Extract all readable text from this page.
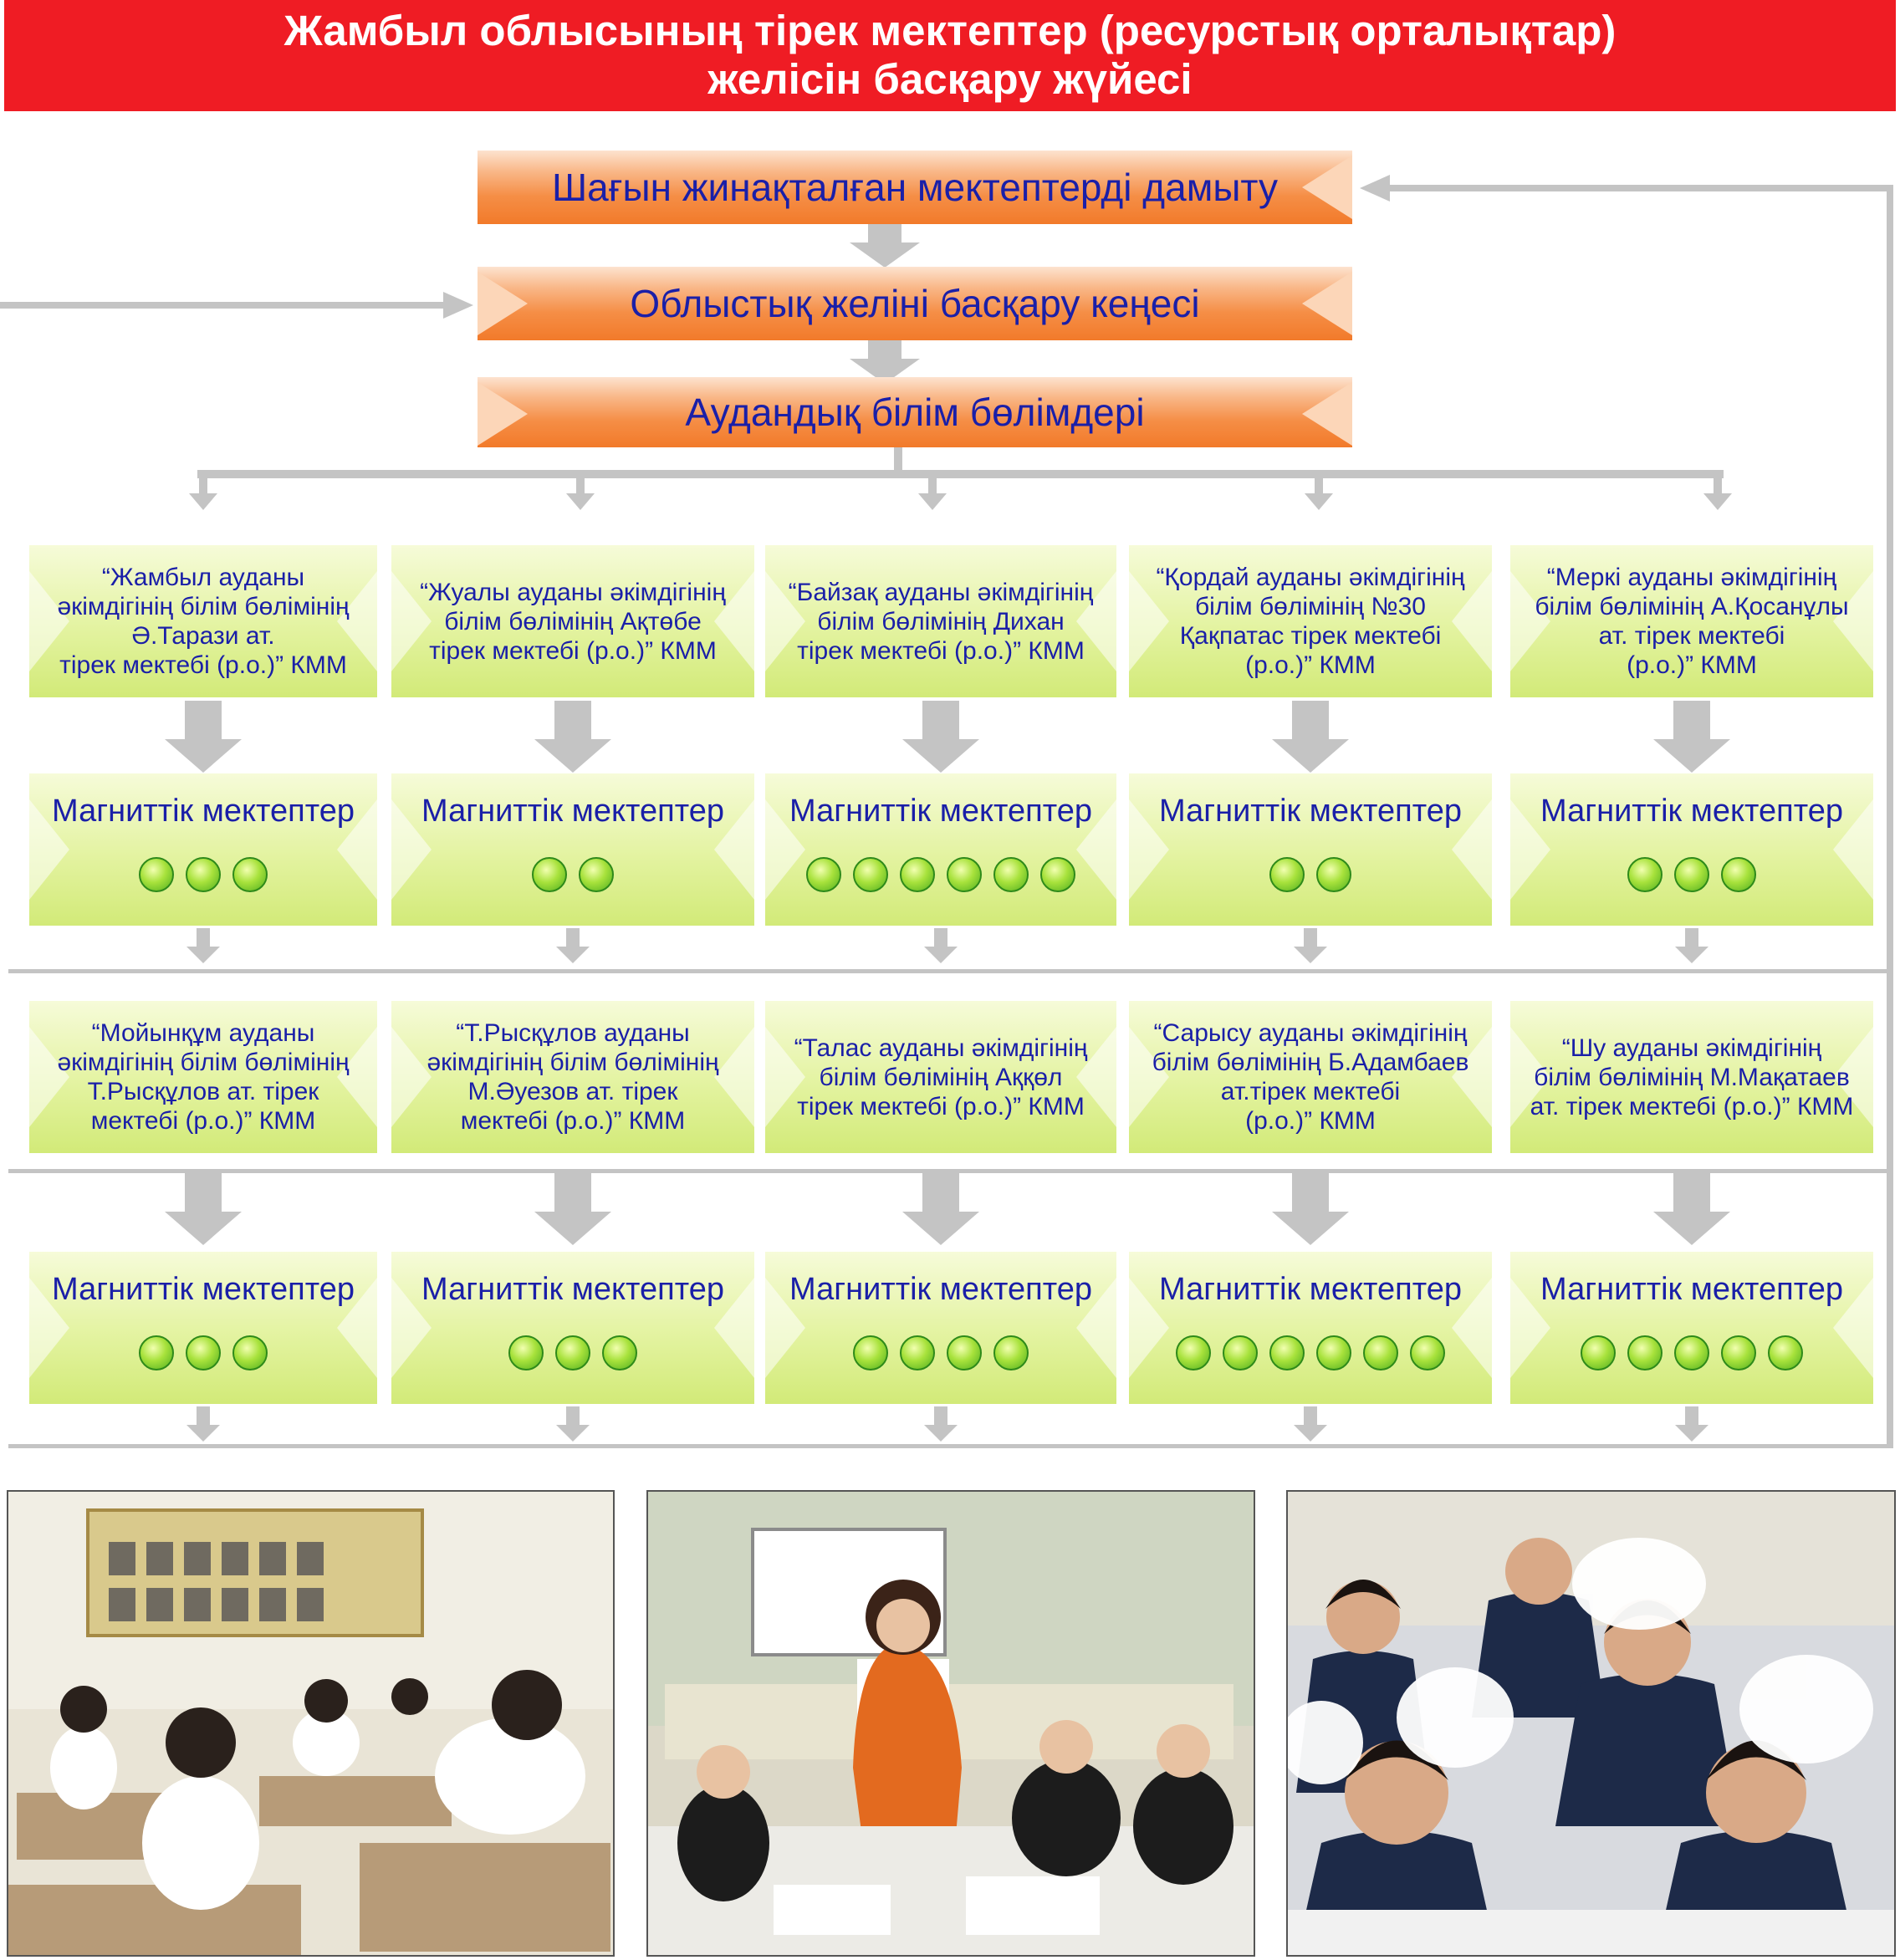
Жамбыл облысының тірек мектептер (ресурстық орталықтар)
желісін басқару жүйесі
Шағын жинақталған мектептерді дамыту
Облыстық желіні басқару кеңесі
Аудандық білім бөлімдері
“Жамбыл ауданы
әкімдігінің білім бөлімінің
Ә.Тарази ат.
тірек мектебі (р.о.)” КММ
Магниттік мектептер
“Жуалы ауданы әкімдігінің
білім бөлімінің Ақтөбе
тірек мектебі (р.о.)” КММ
Магниттік мектептер
“Байзақ ауданы әкімдігінің
білім бөлімінің Дихан
тірек мектебі (р.о.)” КММ
Магниттік мектептер
“Қордай ауданы әкімдігінің
білім бөлімінің №30
Қақпатас тірек мектебі
(р.о.)” КММ
Магниттік мектептер
“Меркі ауданы әкімдігінің
білім бөлімінің А.Қосанұлы
ат. тірек мектебі
(р.о.)” КММ
Магниттік мектептер
“Мойынқұм ауданы
әкімдігінің білім бөлімінің
Т.Рысқұлов ат. тірек
мектебі (р.о.)” КММ
Магниттік мектептер
“Т.Рысқұлов ауданы
әкімдігінің білім бөлімінің
М.Әуезов ат. тірек
мектебі (р.о.)” КММ
Магниттік мектептер
“Талас ауданы әкімдігінің
білім бөлімінің Аққөл
тірек мектебі (р.о.)” КММ
Магниттік мектептер
“Сарысу ауданы әкімдігінің
білім бөлімінің Б.Адамбаев
ат.тірек мектебі
(р.о.)” КММ
Магниттік мектептер
“Шу ауданы әкімдігінің
білім бөлімінің М.Мақатаев
ат. тірек мектебі (р.о.)” КММ
Магниттік мектептер
